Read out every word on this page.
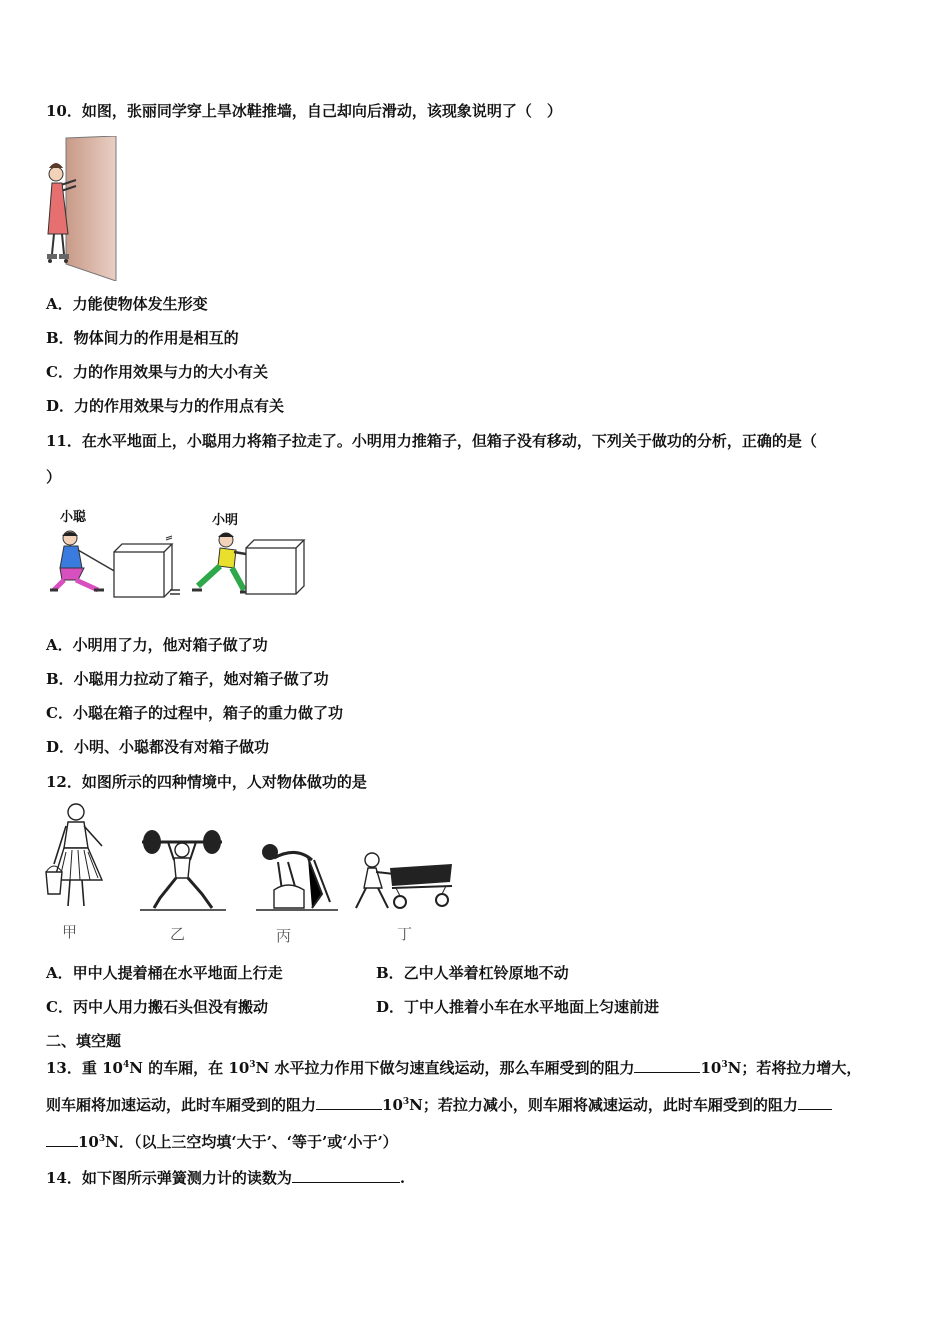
10．如图，张丽同学穿上旱冰鞋推墙，自己却向后滑动，该现象说明了（　）
A．力能使物体发生形变
B．物体间力的作用是相互的
C．力的作用效果与力的大小有关
D．力的作用效果与力的作用点有关
11．在水平地面上，小聪用力将箱子拉走了。小明用力推箱子，但箱子没有移动，下列关于做功的分析，正确的是（
）
小聪	小明
A．小明用了力，他对箱子做了功
B．小聪用力拉动了箱子，她对箱子做了功
C．小聪在箱子的过程中，箱子的重力做了功
D．小明、小聪都没有对箱子做功
12．如图所示的四种情境中，人对物体做功的是
甲	乙	丙	丁
A．甲中人提着桶在水平地面上行走	B．乙中人举着杠铃原地不动
C．丙中人用力搬石头但没有搬动	D．丁中人推着小车在水平地面上匀速前进
二、填空题
13．重 $10^4N$ 的车厢，在 $10^3N$ 水平拉力作用下做匀速直线运动，那么车厢受到的阻力	$10^3N$；若将拉力增大，
则车厢将加速运动，此时车厢受到的阻力	$10^3N$；若拉力减小，则车厢将减速运动，此时车厢受到的阻力
$10^3N$．（以上三空均填‘大于’、‘等于’或‘小于’）
14．如下图所示弹簧测力计的读数为	.
